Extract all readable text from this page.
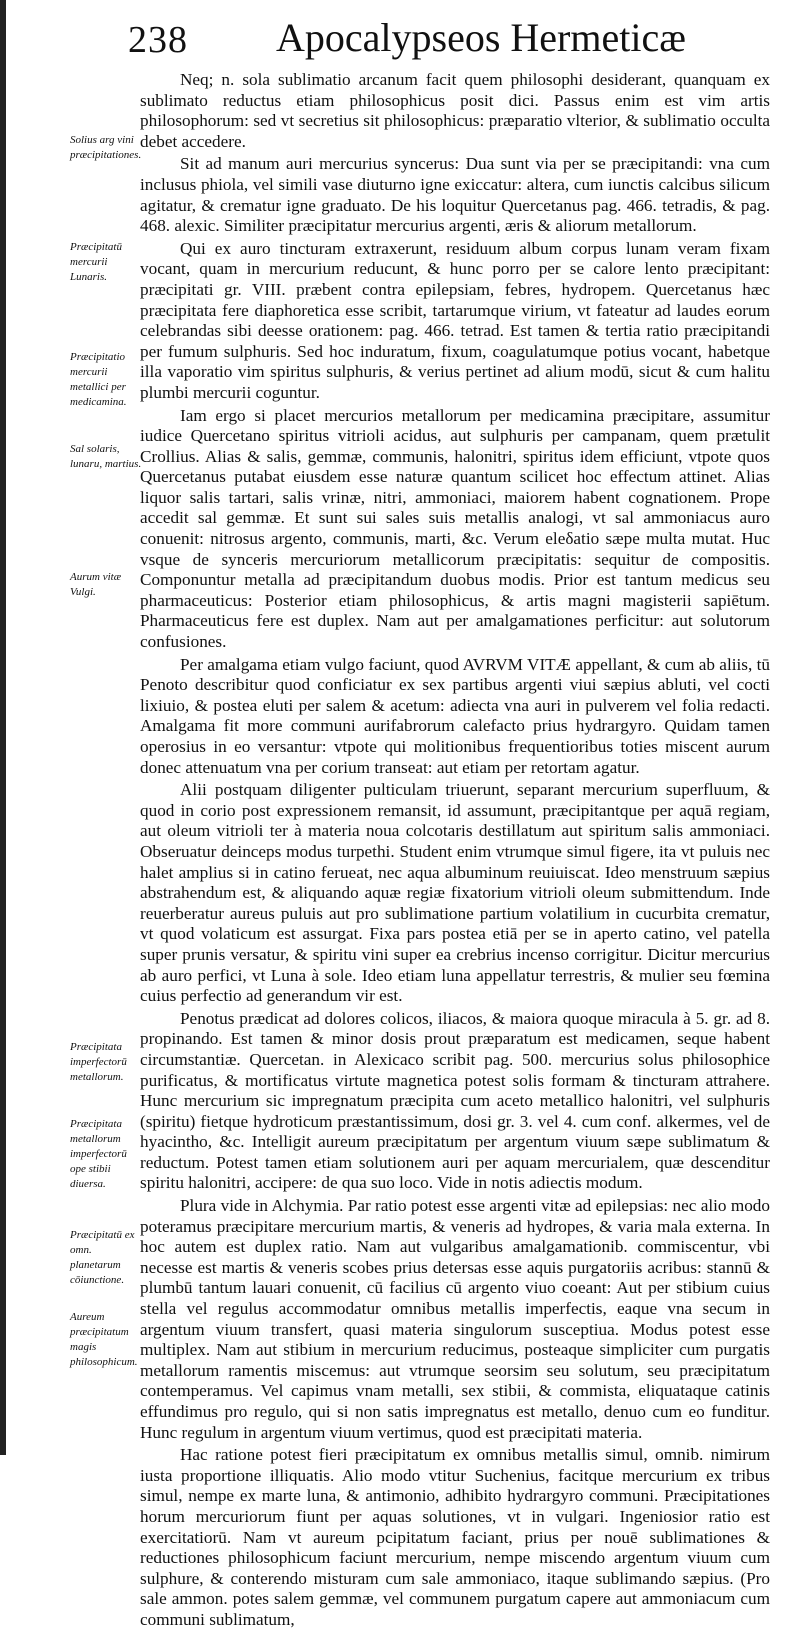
238 Apocalypseos Hermeticæ
Solius arg vini præcipitationes.
Præcipitatū mercurii Lunaris.
Præcipitatio mercurii metallici per medicamina.
Sal solaris, lunaru, martius.
Aurum vitæ Vulgi.
Præcipitata imperfectorū metallorum.
Præcipitata metallorum imperfectorū ope stibii diuersa.
Præcipitatū ex omn. planetarum cōiunctione.
Aureum præcipitatum magis philosophicum.

Neq; n. sola sublimatio arcanum facit quem philosophi desiderant, quanquam ex sublimato reductus etiam philosophicus posit dici. Passus enim est vim artis philosophorum: sed vt secretius sit philosophicus: præparatio vlterior, & sublimatio occulta debet accedere.

Sit ad manum auri mercurius syncerus: Dua sunt via per se præcipitandi: vna cum inclusus phiola, vel simili vase diuturno igne exiccatur: altera, cum iunctis calcibus silicum agitatur, & crematur igne graduato. De his loquitur Quercetanus pag. 466. tetradis, & pag. 468. alexic. Similiter præcipitatur mercurius argenti, æris & aliorum metallorum.

Qui ex auro tincturam extraxerunt, residuum album corpus lunam veram fixam vocant, quam in mercurium reducunt, & hunc porro per se calore lento præcipitant: præcipitati gr. VIII. præbent contra epilepsiam, febres, hydropem. Quercetanus hæc præcipitata fere diaphoretica esse scribit, tartarumque virium, vt fateatur ad laudes eorum celebrandas sibi deesse orationem: pag. 466. tetrad. Est tamen & tertia ratio præcipitandi per fumum sulphuris. Sed hoc induratum, fixum, coagulatumque potius vocant, habetque illa vaporatio vim spiritus sulphuris, & verius pertinet ad alium modū, sicut & cum halitu plumbi mercurii coguntur.

Iam ergo si placet mercurios metallorum per medicamina præcipitare, assumitur iudice Quercetano spiritus vitrioli acidus, aut sulphuris per campanam, quem prætulit Crollius. Alias & salis, gemmæ, communis, halonitri, spiritus idem efficiunt, vtpote quos Quercetanus putabat eiusdem esse naturæ quantum scilicet hoc effectum attinet. Alias liquor salis tartari, salis vrinæ, nitri, ammoniaci, maiorem habent cognationem. Prope accedit sal gemmæ. Et sunt sui sales suis metallis analogi, vt sal ammoniacus auro conuenit: nitrosus argento, communis, marti, &c. Verum eleδatio sæpe multa mutat. Huc vsque de synceris mercuriorum metallicorum præcipitatis: sequitur de compositis. Componuntur metalla ad præcipitandum duobus modis. Prior est tantum medicus seu pharmaceuticus: Posterior etiam philosophicus, & artis magni magisterii sapiētum. Pharmaceuticus fere est duplex. Nam aut per amalgamationes perficitur: aut solutorum confusiones.

Per amalgama etiam vulgo faciunt, quod AVRVM VITÆ appellant, & cum ab aliis, tū Penoto describitur quod conficiatur ex sex partibus argenti viui sæpius abluti, vel cocti lixiuio, & postea eluti per salem & acetum: adiecta vna auri in pulverem vel folia redacti. Amalgama fit more communi aurifabrorum calefacto prius hydrargyro. Quidam tamen operosius in eo versantur: vtpote qui molitionibus frequentioribus toties miscent aurum donec attenuatum vna per corium transeat: aut etiam per retortam agatur.

Alii postquam diligenter pulticulam triuerunt, separant mercurium superfluum, & quod in corio post expressionem remansit, id assumunt, præcipitantque per aquā regiam, aut oleum vitrioli ter à materia noua colcotaris destillatum aut spiritum salis ammoniaci. Obseruatur deinceps modus turpethi. Student enim vtrumque simul figere, ita vt puluis nec halet amplius si in catino ferueat, nec aqua albuminum reuiuiscat. Ideo menstruum sæpius abstrahendum est, & aliquando aquæ regiæ fixatorium vitrioli oleum submittendum. Inde reuerberatur aureus puluis aut pro sublimatione partium volatilium in cucurbita crematur, vt quod volaticum est assurgat. Fixa pars postea etiā per se in aperto catino, vel patella super prunis versatur, & spiritu vini super ea crebrius incenso corrigitur. Dicitur mercurius ab auro perfici, vt Luna à sole. Ideo etiam luna appellatur terrestris, & mulier seu fœmina cuius perfectio ad generandum vir est.

Penotus prædicat ad dolores colicos, iliacos, & maiora quoque miracula à 5. gr. ad 8. propinando. Est tamen & minor dosis prout præparatum est medicamen, seque habent circumstantiæ. Quercetan. in Alexicaco scribit pag. 500. mercurius solus philosophice purificatus, & mortificatus virtute magnetica potest solis formam & tincturam attrahere. Hunc mercurium sic impregnatum præcipita cum aceto metallico halonitri, vel sulphuris (spiritu) fietque hydroticum præstantissimum, dosi gr. 3. vel 4. cum conf. alkermes, vel de hyacintho, &c. Intelligit aureum præcipitatum per argentum viuum sæpe sublimatum & reductum. Potest tamen etiam solutionem auri per aquam mercurialem, quæ descenditur spiritu halonitri, accipere: de qua suo loco. Vide in notis adiectis modum.

Plura vide in Alchymia. Par ratio potest esse argenti vitæ ad epilepsias: nec alio modo poteramus præcipitare mercurium martis, & veneris ad hydropes, & varia mala externa. In hoc autem est duplex ratio. Nam aut vulgaribus amalgamationib. commiscentur, vbi necesse est martis & veneris scobes prius detersas esse aquis purgatoriis acribus: stannū & plumbū tantum lauari conuenit, cū facilius cū argento viuo coeant: Aut per stibium cuius stella vel regulus accommodatur omnibus metallis imperfectis, eaque vna secum in argentum viuum transfert, quasi materia singulorum susceptiua. Modus potest esse multiplex. Nam aut stibium in mercurium reducimus, posteaque simpliciter cum purgatis metallorum ramentis miscemus: aut vtrumque seorsim seu solutum, seu præcipitatum contemperamus. Vel capimus vnam metalli, sex stibii, & commista, eliquataque catinis effundimus pro regulo, qui si non satis impregnatus est metallo, denuo cum eo funditur. Hunc regulum in argentum viuum vertimus, quod est præcipitati materia.

Hac ratione potest fieri præcipitatum ex omnibus metallis simul, omnib. nimirum iusta proportione illiquatis. Alio modo vtitur Suchenius, facitque mercurium ex tribus simul, nempe ex marte luna, & antimonio, adhibito hydrargyro communi. Præcipitationes horum mercuriorum fiunt per aquas solutiones, vt in vulgari. Ingeniosior ratio est exercitatiorū. Nam vt aureum pcipitatum faciant, prius per nouē sublimationes & reductiones philosophicum faciunt mercurium, nempe miscendo argentum viuum cum sulphure, & conterendo misturam cum sale ammoniaco, itaque sublimando sæpius. (Pro sale ammon. potes salem gemmæ, vel communem purgatum capere aut ammoniacum cum communi sublimatum,
